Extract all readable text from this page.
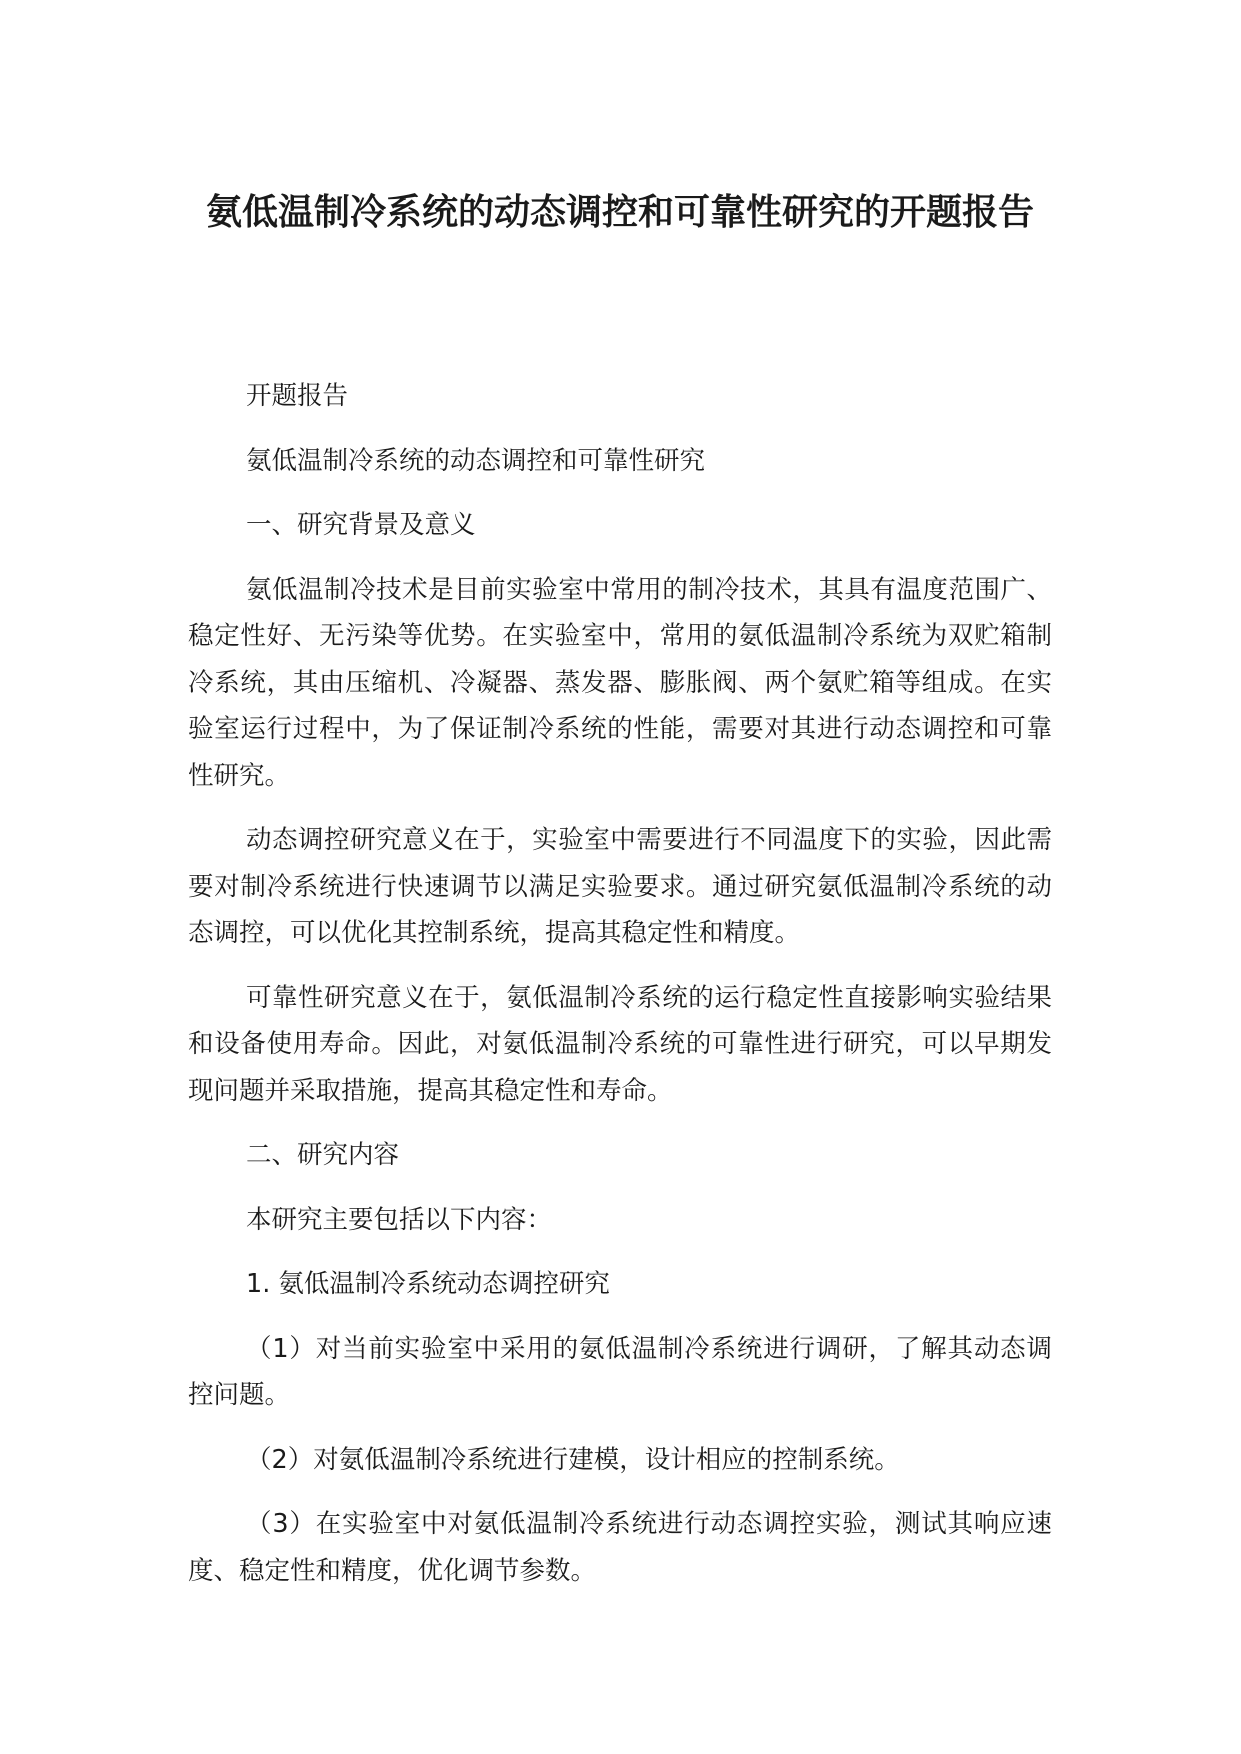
氨低温制冷系统的动态调控和可靠性研究的开题报告

开题报告

氨低温制冷系统的动态调控和可靠性研究

一、研究背景及意义

氨低温制冷技术是目前实验室中常用的制冷技术，其具有温度范围广、稳定性好、无污染等优势。在实验室中，常用的氨低温制冷系统为双贮箱制冷系统，其由压缩机、冷凝器、蒸发器、膨胀阀、两个氨贮箱等组成。在实验室运行过程中，为了保证制冷系统的性能，需要对其进行动态调控和可靠性研究。

动态调控研究意义在于，实验室中需要进行不同温度下的实验，因此需要对制冷系统进行快速调节以满足实验要求。通过研究氨低温制冷系统的动态调控，可以优化其控制系统，提高其稳定性和精度。

可靠性研究意义在于，氨低温制冷系统的运行稳定性直接影响实验结果和设备使用寿命。因此，对氨低温制冷系统的可靠性进行研究，可以早期发现问题并采取措施，提高其稳定性和寿命。

二、研究内容

本研究主要包括以下内容：

1. 氨低温制冷系统动态调控研究

（1）对当前实验室中采用的氨低温制冷系统进行调研，了解其动态调控问题。

（2）对氨低温制冷系统进行建模，设计相应的控制系统。

（3）在实验室中对氨低温制冷系统进行动态调控实验，测试其响应速度、稳定性和精度，优化调节参数。
